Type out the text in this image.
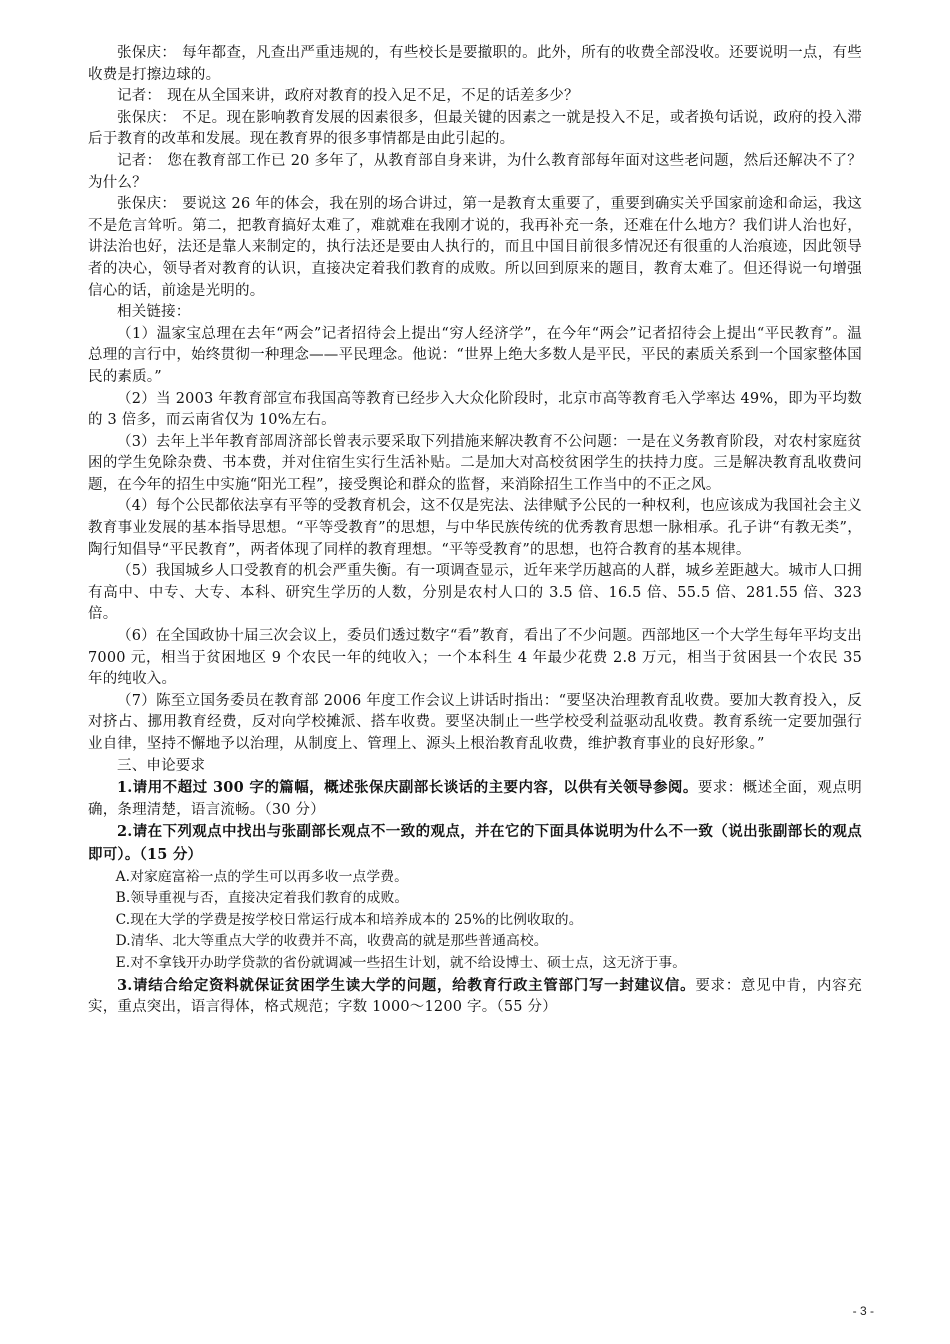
张保庆： 每年都查，凡查出严重违规的，有些校长是要撤职的。此外，所有的收费全部没收。还要说明一点，有些收费是打擦边球的。

记者： 现在从全国来讲，政府对教育的投入足不足，不足的话差多少？

张保庆： 不足。现在影响教育发展的因素很多，但最关键的因素之一就是投入不足，或者换句话说，政府的投入滞后于教育的改革和发展。现在教育界的很多事情都是由此引起的。

记者： 您在教育部工作已 20 多年了，从教育部自身来讲，为什么教育部每年面对这些老问题，然后还解决不了？为什么？

张保庆： 要说这 26 年的体会，我在别的场合讲过，第一是教育太重要了，重要到确实关乎国家前途和命运，我这不是危言耸听。第二，把教育搞好太难了，难就难在我刚才说的，我再补充一条，还难在什么地方？我们讲人治也好，讲法治也好，法还是靠人来制定的，执行法还是要由人执行的，而且中国目前很多情况还有很重的人治痕迹，因此领导者的决心，领导者对教育的认识，直接决定着我们教育的成败。所以回到原来的题目，教育太难了。但还得说一句增强信心的话，前途是光明的。

相关链接：

（1）温家宝总理在去年“两会”记者招待会上提出“穷人经济学”，在今年“两会”记者招待会上提出“平民教育”。温总理的言行中，始终贯彻一种理念——平民理念。他说：“世界上绝大多数人是平民，平民的素质关系到一个国家整体国民的素质。”

（2）当 2003 年教育部宣布我国高等教育已经步入大众化阶段时，北京市高等教育毛入学率达 49%，即为平均数的 3 倍多，而云南省仅为 10%左右。

（3）去年上半年教育部周济部长曾表示要采取下列措施来解决教育不公问题：一是在义务教育阶段，对农村家庭贫困的学生免除杂费、书本费，并对住宿生实行生活补贴。二是加大对高校贫困学生的扶持力度。三是解决教育乱收费问题，在今年的招生中实施“阳光工程”，接受舆论和群众的监督，来消除招生工作当中的不正之风。

（4）每个公民都依法享有平等的受教育机会，这不仅是宪法、法律赋予公民的一种权利，也应该成为我国社会主义教育事业发展的基本指导思想。“平等受教育”的思想，与中华民族传统的优秀教育思想一脉相承。孔子讲“有教无类”，陶行知倡导“平民教育”，两者体现了同样的教育理想。“平等受教育”的思想，也符合教育的基本规律。

（5）我国城乡人口受教育的机会严重失衡。有一项调查显示，近年来学历越高的人群，城乡差距越大。城市人口拥有高中、中专、大专、本科、研究生学历的人数，分别是农村人口的 3.5 倍、16.5 倍、55.5 倍、281.55 倍、323 倍。

（6）在全国政协十届三次会议上，委员们透过数字“看”教育，看出了不少问题。西部地区一个大学生每年平均支出 7000 元，相当于贫困地区 9 个农民一年的纯收入；一个本科生 4 年最少花费 2.8 万元，相当于贫困县一个农民 35 年的纯收入。

（7）陈至立国务委员在教育部 2006 年度工作会议上讲话时指出：“要坚决治理教育乱收费。要加大教育投入，反对挤占、挪用教育经费，反对向学校摊派、搭车收费。要坚决制止一些学校受利益驱动乱收费。教育系统一定要加强行业自律，坚持不懈地予以治理，从制度上、管理上、源头上根治教育乱收费，维护教育事业的良好形象。”

三、申论要求

1.请用不超过 300 字的篇幅，概述张保庆副部长谈话的主要内容，以供有关领导参阅。要求：概述全面，观点明确，条理清楚，语言流畅。（30 分）

2.请在下列观点中找出与张副部长观点不一致的观点，并在它的下面具体说明为什么不一致（说出张副部长的观点即可）。（15 分）

A.对家庭富裕一点的学生可以再多收一点学费。

B.领导重视与否，直接决定着我们教育的成败。

C.现在大学的学费是按学校日常运行成本和培养成本的 25%的比例收取的。

D.清华、北大等重点大学的收费并不高，收费高的就是那些普通高校。

E.对不拿钱开办助学贷款的省份就调减一些招生计划，就不给设博士、硕士点，这无济于事。

3.请结合给定资料就保证贫困学生读大学的问题，给教育行政主管部门写一封建议信。要求：意见中肯，内容充实，重点突出，语言得体，格式规范；字数 1000～1200 字。（55 分）

- 3 -
